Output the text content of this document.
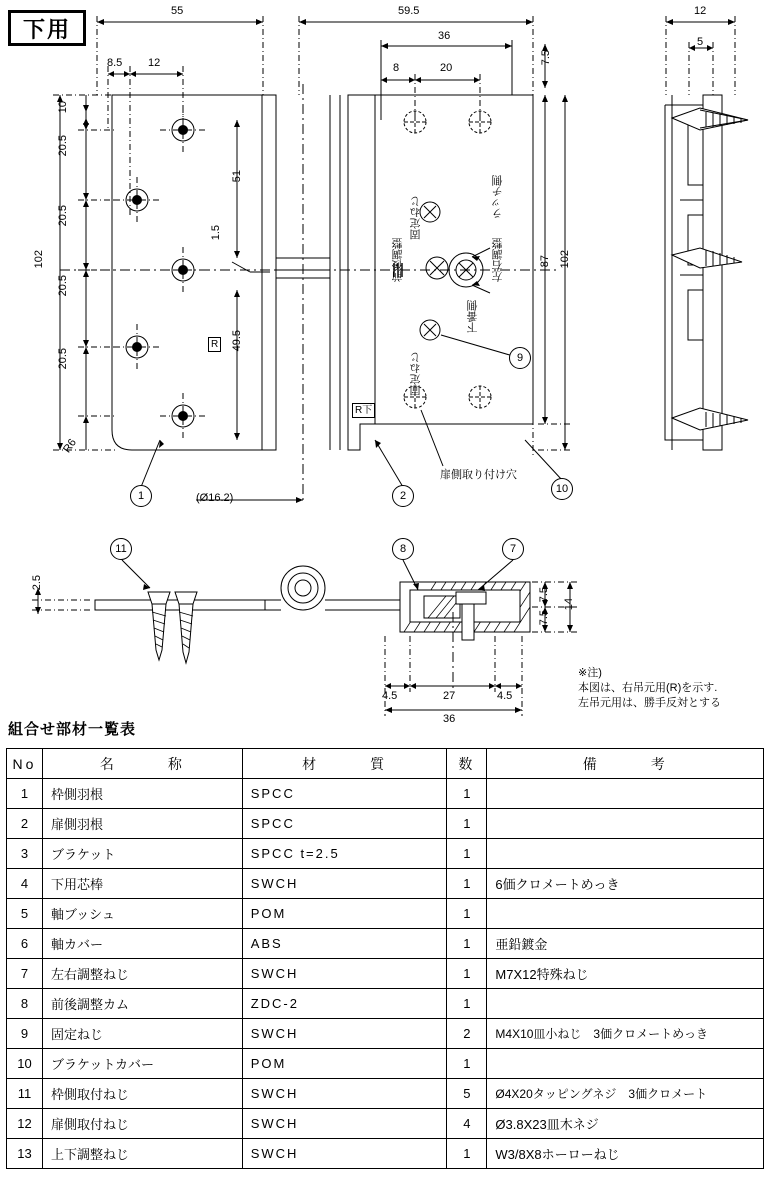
下用
55	59.5
36
8.5 12	8	20
7.5
12
5
10
20.5
20.5
20.5
20.5
102
51
1.5
49.5
87 102
R6
(Ø16.2)
R
R下
前後調整	左右調整
ラッチ側
下番側
固定ねじ
固定ねじ
扉側取り付け穴
1	2
9
10
2.5
4.5	27	4.5
36
7.5
7.5
14
11	8	7
※注)
本図は、右吊元用(R)を示す.
左吊元用は、勝手反対とする
組合せ部材一覧表
No	名　　　称	材　　　質	数	備　　　考
1	枠側羽根	SPCC	1	
2	扉側羽根	SPCC	1	
3	ブラケット	SPCC t=2.5	1	
4	下用芯棒	SWCH	1	6価クロメートめっき
5	軸ブッシュ	POM	1	
6	軸カバー	ABS	1	亜鉛鍍金
7	左右調整ねじ	SWCH	1	M7X12特殊ねじ
8	前後調整カム	ZDC-2	1	
9	固定ねじ	SWCH	2	M4X10皿小ねじ　3価クロメートめっき
10	ブラケットカバー	POM	1	
11	枠側取付ねじ	SWCH	5	Ø4X20タッピングネジ　3価クロメート
12	扉側取付ねじ	SWCH	4	Ø3.8X23皿木ネジ
13	上下調整ねじ	SWCH	1	W3/8X8ホーローねじ
